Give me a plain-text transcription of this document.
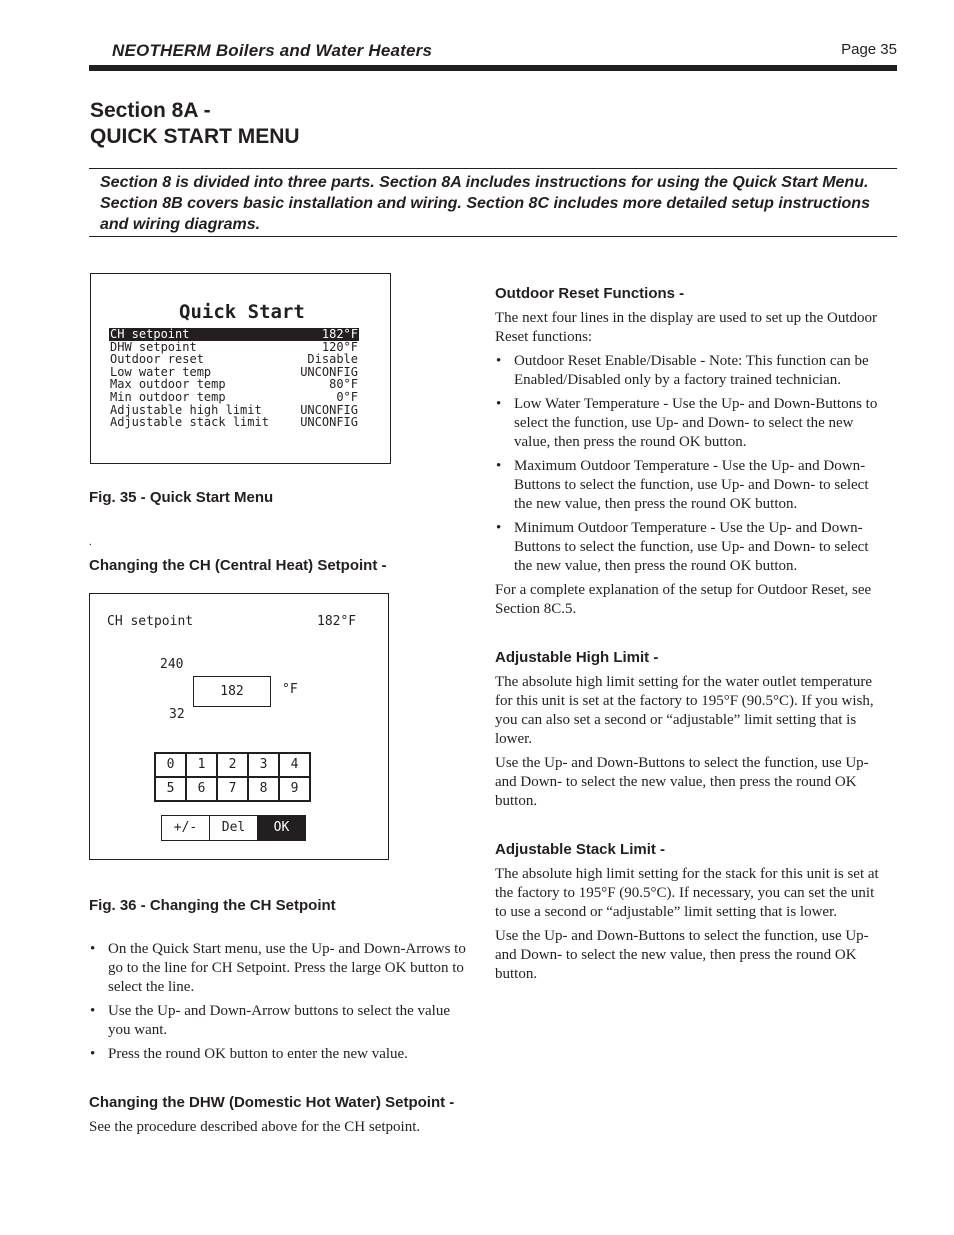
NEOTHERM Boilers and Water Heaters	Page 35
Section 8A -
QUICK START MENU
Section 8 is divided into three parts. Section 8A includes instructions for using the Quick Start Menu. Section 8B covers basic installation and wiring. Section 8C includes more detailed setup instructions and wiring diagrams.
Quick Start
CH setpoint	182°F
DHW setpoint	120°F
Outdoor reset	Disable
Low water temp	UNCONFIG
Max outdoor temp	80°F
Min outdoor temp	0°F
Adjustable high limit	UNCONFIG
Adjustable stack limit	UNCONFIG
Fig. 35 - Quick Start Menu
.
Changing the CH (Central Heat) Setpoint -
CH setpoint	182°F
240
182	°F
32
0	1	2	3	4
5	6	7	8	9
+/-	Del	OK
Fig. 36 - Changing the CH Setpoint
• On the Quick Start menu, use the Up- and Down-Arrows to go to the line for CH Setpoint. Press the large OK button to select the line.
• Use the Up- and Down-Arrow buttons to select the value you want.
• Press the round OK button to enter the new value.
Changing the DHW (Domestic Hot Water) Setpoint -
See the procedure described above for the CH setpoint.
Outdoor Reset Functions -

The next four lines in the display are used to set up the Outdoor Reset functions:

• Outdoor Reset Enable/Disable - Note: This function can be Enabled/Disabled only by a factory trained technician.
• Low Water Temperature - Use the Up- and Down-Buttons to select the function, use Up- and Down- to select the new value, then press the round OK button.
• Maximum Outdoor Temperature - Use the Up- and Down-Buttons to select the function, use Up- and Down- to select the new value, then press the round OK button.
• Minimum Outdoor Temperature - Use the Up- and Down-Buttons to select the function, use Up- and Down- to select the new value, then press the round OK button.

For a complete explanation of the setup for Outdoor Reset, see Section 8C.5.

Adjustable High Limit -

The absolute high limit setting for the water outlet temperature for this unit is set at the factory to 195°F (90.5°C). If you wish, you can also set a second or “adjustable” limit setting that is lower.

Use the Up- and Down-Buttons to select the function, use Up- and Down- to select the new value, then press the round OK button.

Adjustable Stack Limit -

The absolute high limit setting for the stack for this unit is set at the factory to 195°F (90.5°C). If necessary, you can set the unit to use a second or “adjustable” limit setting that is lower.

Use the Up- and Down-Buttons to select the function, use Up- and Down- to select the new value, then press the round OK button.
